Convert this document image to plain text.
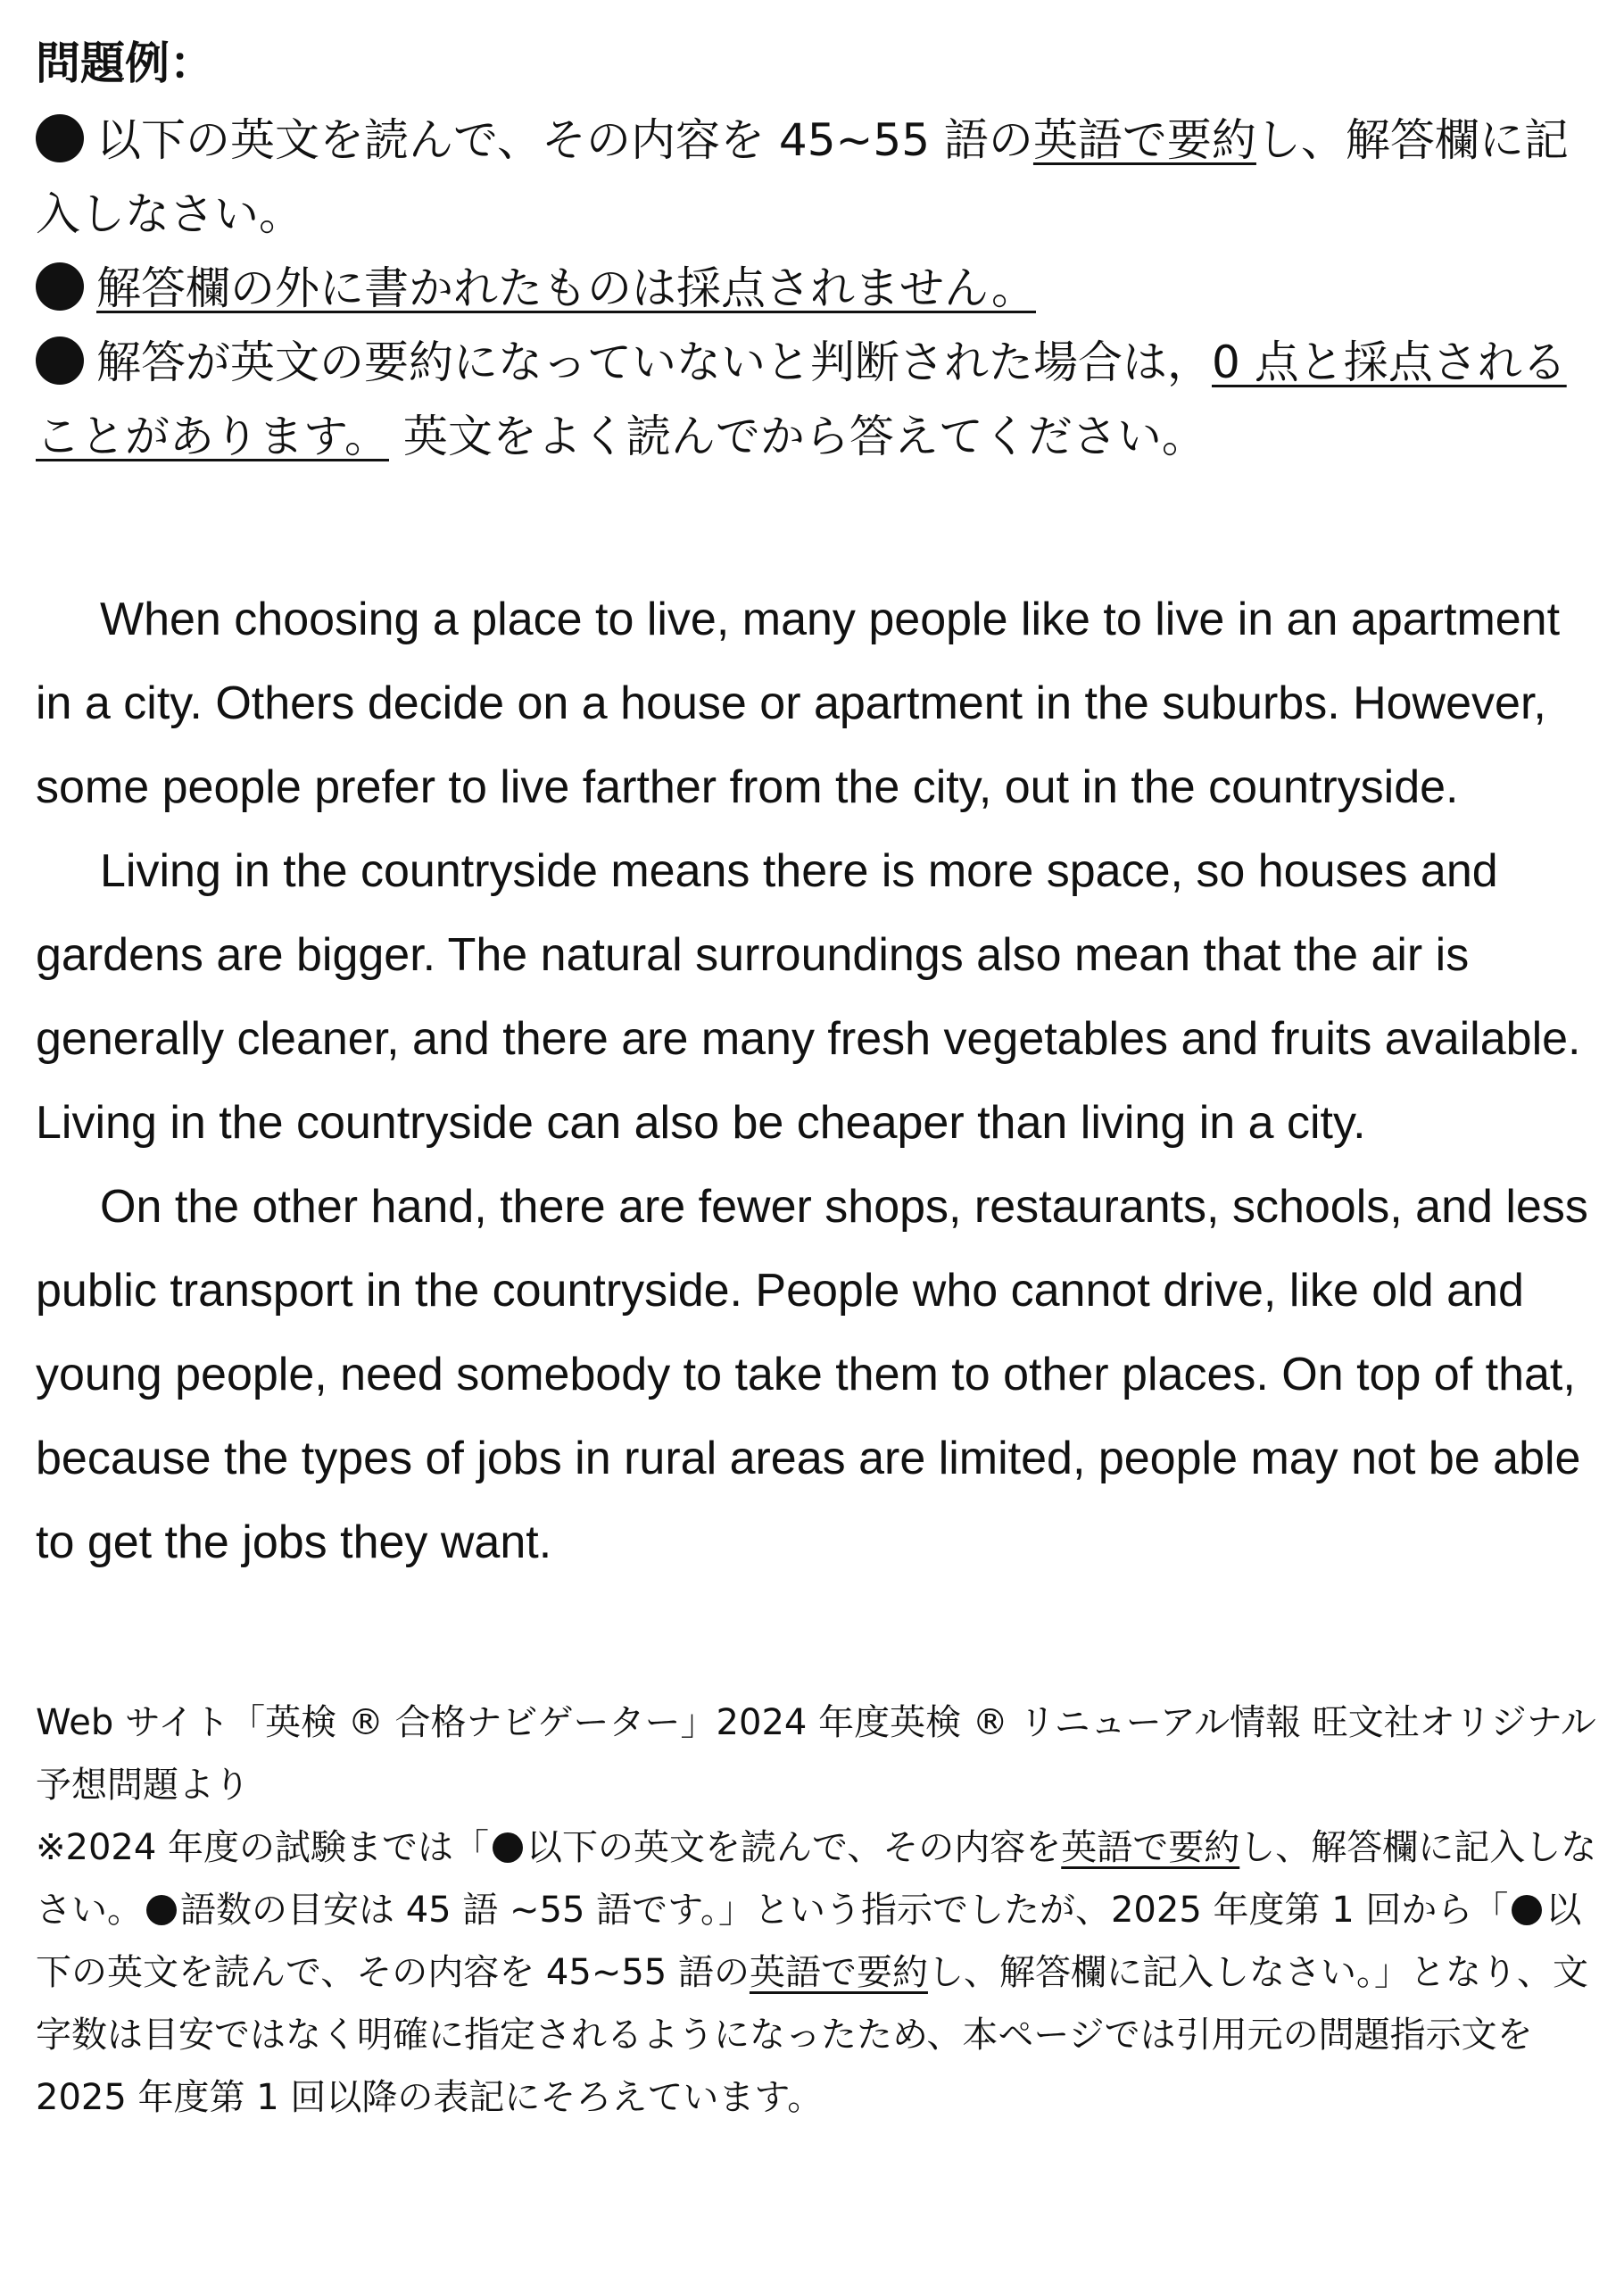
問題例：

以下の英文を読んで、その内容を 45~55 語の英語で要約し、解答欄に記入しなさい。

解答欄の外に書かれたものは採点されません。

解答が英文の要約になっていないと判断された場合は，0 点と採点されることがあります。 英文をよく読んでから答えてください。

When choosing a place to live, many people like to live in an apartment in a city. Others decide on a house or apartment in the suburbs. However, some people prefer to live farther from the city, out in the countryside.

Living in the countryside means there is more space, so houses and gardens are bigger. The natural surroundings also mean that the air is generally cleaner, and there are many fresh vegetables and fruits available. Living in the countryside can also be cheaper than living in a city.

On the other hand, there are fewer shops, restaurants, schools, and less public transport in the countryside. People who cannot drive, like old and young people, need somebody to take them to other places. On top of that, because the types of jobs in rural areas are limited, people may not be able to get the jobs they want.

Web サイト「英検 ® 合格ナビゲーター」2024 年度英検 ® リニューアル情報 旺文社オリジナル予想問題より

※2024 年度の試験までは「 以下の英文を読んで、その内容を英語で要約し、解答欄に記入しなさい。 語数の目安は 45 語 ~55 語です。」という指示でしたが、2025 年度第 1 回から「 以下の英文を読んで、その内容を 45~55 語の英語で要約し、解答欄に記入しなさい。」となり、文字数は目安ではなく明確に指定されるようになったため、本ページでは引用元の問題指示文を 2025 年度第 1 回以降の表記にそろえています。
